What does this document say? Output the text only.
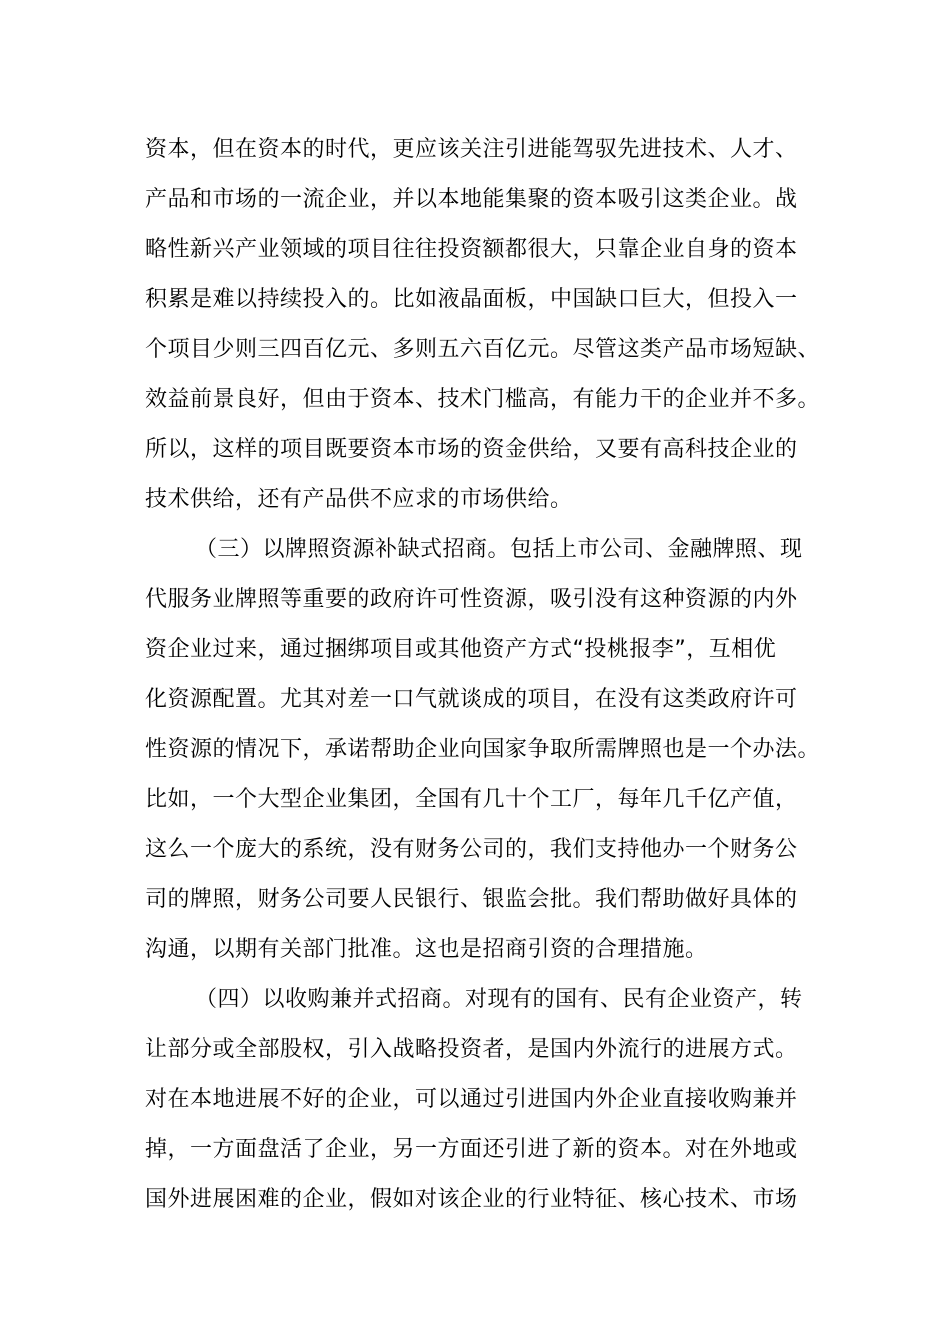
资本，但在资本的时代，更应该关注引进能驾驭先进技术、人才、
产品和市场的一流企业，并以本地能集聚的资本吸引这类企业。战
略性新兴产业领域的项目往往投资额都很大，只靠企业自身的资本
积累是难以持续投入的。比如液晶面板，中国缺口巨大，但投入一
个项目少则三四百亿元、多则五六百亿元。尽管这类产品市场短缺、
效益前景良好，但由于资本、技术门槛高，有能力干的企业并不多。
所以，这样的项目既要资本市场的资金供给，又要有高科技企业的
技术供给，还有产品供不应求的市场供给。
（三）以牌照资源补缺式招商。包括上市公司、金融牌照、现
代服务业牌照等重要的政府许可性资源，吸引没有这种资源的内外
资企业过来，通过捆绑项目或其他资产方式“投桃报李”，互相优
化资源配置。尤其对差一口气就谈成的项目，在没有这类政府许可
性资源的情况下，承诺帮助企业向国家争取所需牌照也是一个办法。
比如，一个大型企业集团，全国有几十个工厂，每年几千亿产值，
这么一个庞大的系统，没有财务公司的，我们支持他办一个财务公
司的牌照，财务公司要人民银行、银监会批。我们帮助做好具体的
沟通，以期有关部门批准。这也是招商引资的合理措施。
（四）以收购兼并式招商。对现有的国有、民有企业资产，转
让部分或全部股权，引入战略投资者，是国内外流行的进展方式。
对在本地进展不好的企业，可以通过引进国内外企业直接收购兼并
掉，一方面盘活了企业，另一方面还引进了新的资本。对在外地或
国外进展困难的企业，假如对该企业的行业特征、核心技术、市场
